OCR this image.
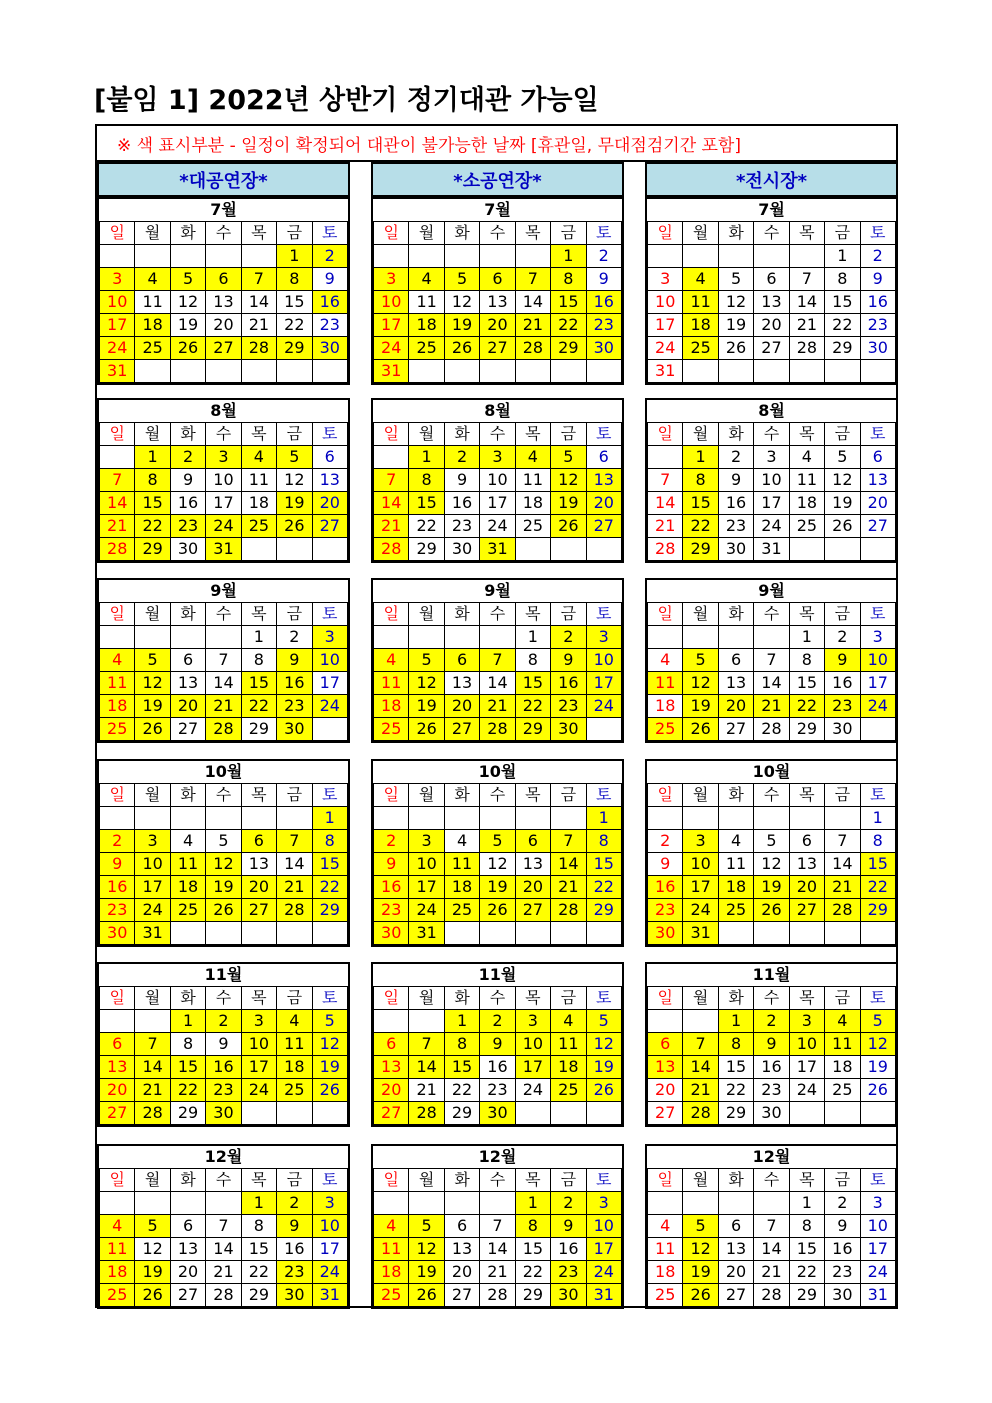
[붙임 1] 2022년 상반기 정기대관 가능일
※ 색 표시부분 - 일정이 확정되어 대관이 불가능한 날짜 [휴관일, 무대점검기간 포함]
*대공연장*	*소공연장*	*전시장*
7월						
일	월	화	수	목	금	토
					1	2
3	4	5	6	7	8	9
10	11	12	13	14	15	16
17	18	19	20	21	22	23
24	25	26	27	28	29	30
31						
8월						
일	월	화	수	목	금	토
	1	2	3	4	5	6
7	8	9	10	11	12	13
14	15	16	17	18	19	20
21	22	23	24	25	26	27
28	29	30	31			
9월						
일	월	화	수	목	금	토
				1	2	3
4	5	6	7	8	9	10
11	12	13	14	15	16	17
18	19	20	21	22	23	24
25	26	27	28	29	30	
10월						
일	월	화	수	목	금	토
						1
2	3	4	5	6	7	8
9	10	11	12	13	14	15
16	17	18	19	20	21	22
23	24	25	26	27	28	29
30	31					
11월						
일	월	화	수	목	금	토
		1	2	3	4	5
6	7	8	9	10	11	12
13	14	15	16	17	18	19
20	21	22	23	24	25	26
27	28	29	30			
12월						
일	월	화	수	목	금	토
				1	2	3
4	5	6	7	8	9	10
11	12	13	14	15	16	17
18	19	20	21	22	23	24
25	26	27	28	29	30	31
7월						
일	월	화	수	목	금	토
					1	2
3	4	5	6	7	8	9
10	11	12	13	14	15	16
17	18	19	20	21	22	23
24	25	26	27	28	29	30
31						
8월						
일	월	화	수	목	금	토
	1	2	3	4	5	6
7	8	9	10	11	12	13
14	15	16	17	18	19	20
21	22	23	24	25	26	27
28	29	30	31			
9월						
일	월	화	수	목	금	토
				1	2	3
4	5	6	7	8	9	10
11	12	13	14	15	16	17
18	19	20	21	22	23	24
25	26	27	28	29	30	
10월						
일	월	화	수	목	금	토
						1
2	3	4	5	6	7	8
9	10	11	12	13	14	15
16	17	18	19	20	21	22
23	24	25	26	27	28	29
30	31					
11월						
일	월	화	수	목	금	토
		1	2	3	4	5
6	7	8	9	10	11	12
13	14	15	16	17	18	19
20	21	22	23	24	25	26
27	28	29	30			
12월						
일	월	화	수	목	금	토
				1	2	3
4	5	6	7	8	9	10
11	12	13	14	15	16	17
18	19	20	21	22	23	24
25	26	27	28	29	30	31
7월						
일	월	화	수	목	금	토
					1	2
3	4	5	6	7	8	9
10	11	12	13	14	15	16
17	18	19	20	21	22	23
24	25	26	27	28	29	30
31						
8월						
일	월	화	수	목	금	토
	1	2	3	4	5	6
7	8	9	10	11	12	13
14	15	16	17	18	19	20
21	22	23	24	25	26	27
28	29	30	31			
9월						
일	월	화	수	목	금	토
				1	2	3
4	5	6	7	8	9	10
11	12	13	14	15	16	17
18	19	20	21	22	23	24
25	26	27	28	29	30	
10월						
일	월	화	수	목	금	토
						1
2	3	4	5	6	7	8
9	10	11	12	13	14	15
16	17	18	19	20	21	22
23	24	25	26	27	28	29
30	31					
11월						
일	월	화	수	목	금	토
		1	2	3	4	5
6	7	8	9	10	11	12
13	14	15	16	17	18	19
20	21	22	23	24	25	26
27	28	29	30			
12월						
일	월	화	수	목	금	토
				1	2	3
4	5	6	7	8	9	10
11	12	13	14	15	16	17
18	19	20	21	22	23	24
25	26	27	28	29	30	31
